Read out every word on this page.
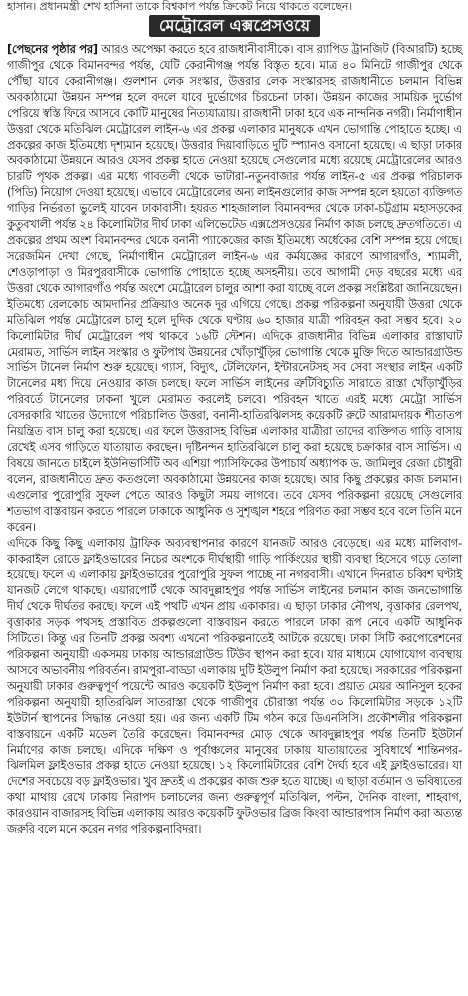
হাসান। প্রধানমন্ত্রী শেখ হাসিনা তাকে বিশ্বকাপ পর্যন্ত ক্রিকেট নিয়ে থাকতে বলেছেন।
মেট্রোরেল এক্সপ্রেসওয়ে

[পেছনের পৃষ্ঠার পর] আরও অপেক্ষা করতে হবে রাজধানীবাসীকে। বাস র‌্যাপিড ট্রানজিট (বিআরটি) হচ্ছে গাজীপুর থেকে বিমানবন্দর পর্যন্ত, যেটি কেরানীগঞ্জ পর্যন্ত বিস্তৃত হবে। মাত্র ৪০ মিনিটে গাজীপুর থেকে পৌঁছা যাবে কেরানীগঞ্জ। গুলশান লেক সংস্কার, উত্তরার লেক সংস্কারসহ রাজধানীতে চলমান বিভিন্ন অবকাঠামো উন্নয়ন সম্পন্ন হলে বদলে যাবে দুর্ভোগের চিরচেনা ঢাকা। উন্নয়ন কাজের সাময়িক দুর্ভোগ পেরিয়ে স্বস্তি ফিরে আসবে কোটি মানুষের নিত্যযাত্রায়। রাজধানী ঢাকা হবে এক নান্দনিক নগরী। নির্মাণাধীন উত্তরা থেকে মতিঝিল মেট্রোরেল লাইন-৬ এর প্রকল্প এলাকার মানুষকে এখন ভোগান্তি পোহাতে হচ্ছে। এ প্রকল্পের কাজ ইতিমধ্যে দৃশ্যমান হয়েছে। উত্তরার দিয়াবাড়িতে দুটি স্প্যানও বসানো হয়েছে। এ ছাড়া ঢাকার অবকাঠামো উন্নয়নে আরও যেসব প্রকল্প হাতে নেওয়া হয়েছে সেগুলোর মধ্যে রয়েছে মেট্রোরেলের আরও চারটি পৃথক প্রকল্প। এর মধ্যে গাবতলী থেকে ভাটারা-নতুনবাজার পর্যন্ত লাইন-৫ এর প্রকল্প পরিচালক (পিডি) নিয়োগ দেওয়া হয়েছে। এভাবে মেট্রোরেলের অন্য লাইনগুলোর কাজ সম্পন্ন হলে হয়তো ব্যক্তিগত গাড়ির নির্ভরতা ভুলেই যাবেন ঢাকাবাসী। হযরত শাহজালাল বিমানবন্দর থেকে ঢাকা-চট্টগ্রাম মহাসড়কের কুতুবখালী পর্যন্ত ২৪ কিলোমিটার দীর্ঘ ঢাকা এলিভেটেড এক্সপ্রেসওয়ের নির্মাণ কাজ চলছে দ্রুতগতিতে। এ প্রকল্পের প্রথম অংশ বিমানবন্দর থেকে বনানী প্যাকেজের কাজ ইতিমধ্যে অর্ধেকের বেশি সম্পন্ন হয়ে গেছে। সরেজমিন দেখা গেছে, নির্মাণাধীন মেট্রোরেল লাইন-৬ এর কর্মযজ্ঞের কারণে আগারগাঁও, শ্যামলী, শেওড়াপাড়া ও মিরপুরবাসীকে ভোগান্তি পোহাতে হচ্ছে অসহনীয়। তবে আগামী দেড় বছরের মধ্যে এর উত্তরা থেকে আগারগাঁও পর্যন্ত অংশে মেট্রোরেল চালুর আশা করা যাচ্ছে বলে প্রকল্প সংশ্লিষ্টরা জানিয়েছেন। ইতিমধ্যে রেলকোচ আমদানির প্রক্রিয়াও অনেক দূর এগিয়ে গেছে। প্রকল্প পরিকল্পনা অনুযায়ী উত্তরা থেকে মতিঝিল পর্যন্ত মেট্রোরেল চালু হলে দুদিক থেকে ঘণ্টায় ৬০ হাজার যাত্রী পরিবহন করা সম্ভব হবে। ২০ কিলোমিটার দীর্ঘ মেট্রোরেল পথ থাকবে ১৬টি স্টেশন। এদিকে রাজধানীর বিভিন্ন এলাকার রাস্তাঘাট মেরামত, সার্ভিস লাইন সংস্কার ও ফুটপাথ উন্নয়নের খোঁড়াখুঁড়ির ভোগান্তি থেকে মুক্তি দিতে আন্ডারগ্রাউন্ড সার্ভিস টানেল নির্মাণ শুরু হয়েছে। গ্যাস, বিদ্যুৎ, টেলিফোন, ইন্টারনেটসহ সব সেবা সংস্থার লাইন একটি টানেলের মধ্য দিয়ে নেওয়ার কাজ চলছে। ফলে সার্ভিস লাইনের ত্রুটিবিচ্যুতি সারাতে রাস্তা খোঁড়াখুঁড়ির পরিবর্তে টানেলের ঢাকনা খুলে মেরামত করলেই চলবে। পরিবহন খাতে এরই মধ্যে মেট্রো সার্ভিস বেসরকারি খাতের উদ্যোগে পরিচালিত উত্তরা, বনানী-হাতিরঝিলসহ কয়েকটি রুটে আরামদায়ক শীতাতপ নিয়ন্ত্রিত বাস চালু করা হয়েছে। এর ফলে উত্তরাসহ বিভিন্ন এলাকার যাত্রীরা তাদের ব্যক্তিগত গাড়ি বাসায় রেখেই এসব গাড়িতে যাতায়াত করছেন। দৃষ্টিনন্দন হাতিরঝিলে চালু করা হয়েছে চক্রাকার বাস সার্ভিস। এ বিষয়ে জানতে চাইলে ইউনিভার্সিটি অব এশিয়া প্যাসিফিকের উপাচার্য অধ্যাপক ড. জামিলুর রেজা চৌধুরী বলেন, রাজধানীতে দ্রুত কতগুলো অবকাঠামো উন্নয়নের কাজ হয়েছে। আর কিছু প্রকল্পের কাজ চলমান। এগুলোর পুরোপুরি সুফল পেতে আরও কিছুটা সময় লাগবে। তবে যেসব পরিকল্পনা রয়েছে সেগুলোর শতভাগ বাস্তবায়ন করতে পারলে ঢাকাকে আধুনিক ও সুশৃঙ্খল শহরে পরিণত করা সম্ভব হবে বলে তিনি মনে করেন।

এদিকে কিছু কিছু এলাকায় ট্রাফিক অব্যবস্থাপনার কারণে যানজট আরও বেড়েছে। এর মধ্যে মালিবাগ-কাকরাইল রোডে ফ্লাইওভারের নিচের অংশকে দীর্ঘস্থায়ী গাড়ি পার্কিংয়ের স্থায়ী ব্যবস্থা হিসেবে গড়ে তোলা হয়েছে। ফলে এ এলাকায় ফ্লাইওভারের পুরোপুরি সুফল পাচ্ছে না নগরবাসী। এখানে দিনরাত চব্বিশ ঘণ্টাই যানজট লেগে থাকছে। এয়ারপোর্ট থেকে আবদুল্লাহপুর পর্যন্ত সার্ভিস লাইনের চলমান কাজ জনভোগান্তি দীর্ঘ থেকে দীর্ঘতর করছে। ফলে এই পথটি এখন প্রায় একাকার। এ ছাড়া ঢাকার নৌপথ, বৃত্তাকার রেলপথ, বৃত্তাকার সড়ক পথসহ প্রস্তাবিত প্রকল্পগুলো বাস্তবায়ন করতে পারলে ঢাকা রূপ নেবে একটি আধুনিক সিটিতে। কিন্তু এর তিনটি প্রকল্প অবশ্য এখনো পরিকল্পনাতেই আটকে রয়েছে। ঢাকা সিটি করপোরেশনের পরিকল্পনা অনুযায়ী একসময় ঢাকায় আন্ডারগ্রাউন্ড টিউব স্থাপন করা হবে। যার মাধ্যমে যোগাযোগ ব্যবস্থায় আসবে অভাবনীয় পরিবর্তন। রামপুরা-বাড্ডা এলাকায় দুটি ইউলুপ নির্মাণ করা হয়েছে। সরকারের পরিকল্পনা অনুযায়ী ঢাকার গুরুত্বপূর্ণ পয়েন্টে আরও কয়েকটি ইউলুপ নির্মাণ করা হবে। প্রয়াত মেয়র আনিসুল হকের পরিকল্পনা অনুযায়ী হাতিরঝিল সাতরাস্তা থেকে গাজীপুর চৌরাস্তা পর্যন্ত ৩০ কিলোমিটার সড়কে ১২টি ইউটার্ন স্থাপনের সিদ্ধান্ত নেওয়া হয়। এর জন্য একটি টিম গঠন করে ডিএনসিসি। প্রকৌশলীর পরিকল্পনা বাস্তবায়নে একটি মডেল তৈরি করেছেন। বিমানবন্দর মোড় থেকে আবদুল্লাহপুর পর্যন্ত তিনটি ইউটার্ন নির্মাণের কাজ চলছে। এদিকে দক্ষিণ ও পূর্বাঞ্চলের মানুষের ঢাকায় যাতায়াতের সুবিধার্থে শান্তিনগর-ঝিলমিল ফ্লাইওভার প্রকল্প হাতে নেওয়া হয়েছে। ১২ কিলোমিটারের বেশি দৈর্ঘ্য হবে এই ফ্লাইওভারের। যা দেশের সবচেয়ে বড় ফ্লাইওভার। খুব দ্রুতই এ প্রকল্পের কাজ শুরু হতে যাচ্ছে। এ ছাড়া বর্তমান ও ভবিষ্যতের কথা মাথায় রেখে ঢাকায় নিরাপদ চলাচলের জন্য গুরুত্বপূর্ণ মতিঝিল, পল্টন, দৈনিক বাংলা, শাহবাগ, কারওয়ান বাজারসহ বিভিন্ন এলাকায় আরও কয়েকটি ফুটওভার ব্রিজ কিংবা আন্ডারপাস নির্মাণ করা অত্যন্ত জরুরি বলে মনে করেন নগর পরিকল্পনাবিদরা।
